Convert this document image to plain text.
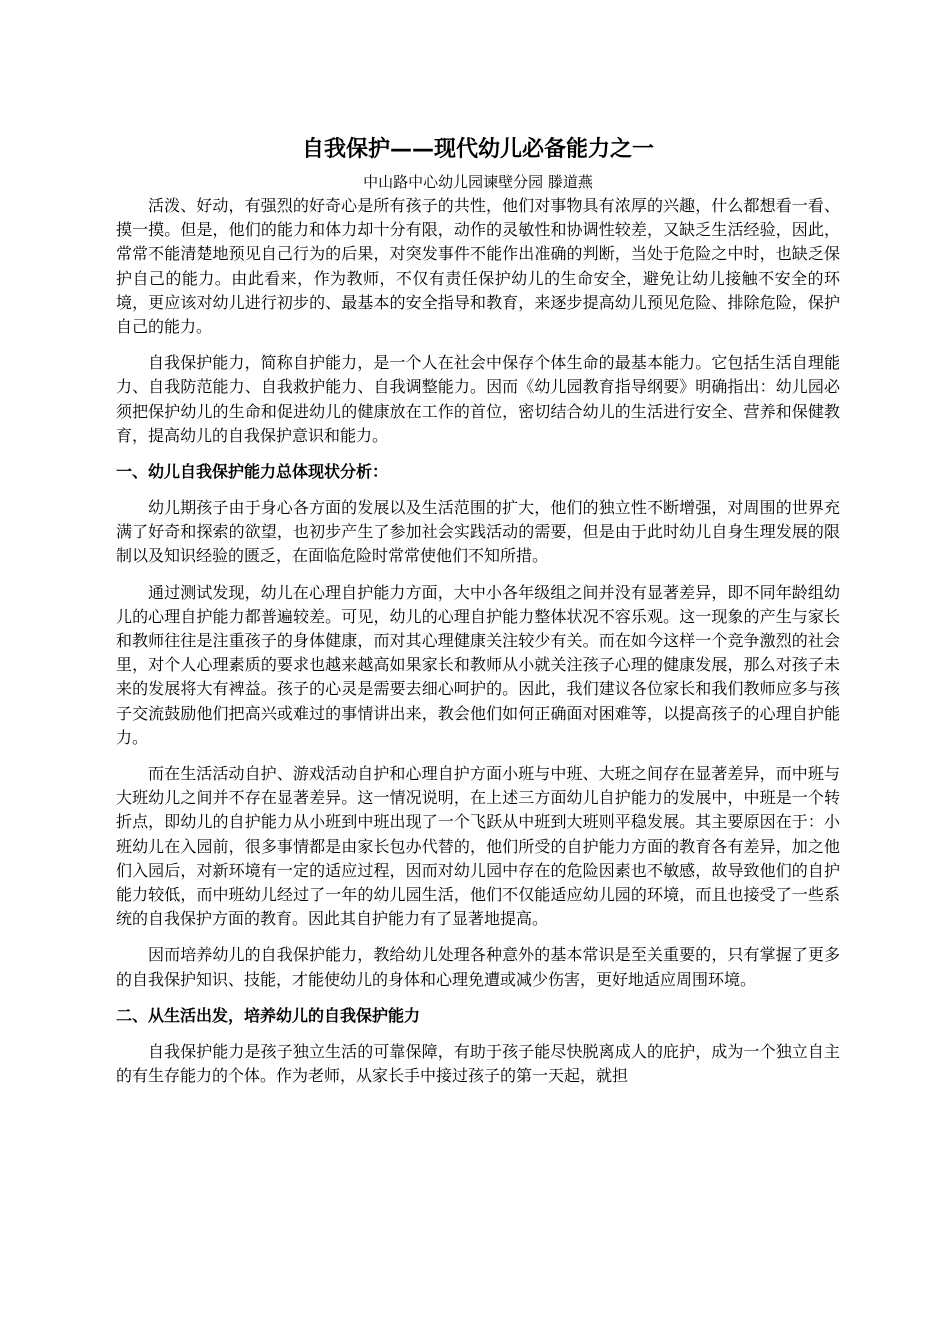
自我保护——现代幼儿必备能力之一

中山路中心幼儿园谏壁分园 滕道燕

活泼、好动，有强烈的好奇心是所有孩子的共性，他们对事物具有浓厚的兴趣，什么都想看一看、摸一摸。但是，他们的能力和体力却十分有限，动作的灵敏性和协调性较差，又缺乏生活经验，因此，常常不能清楚地预见自己行为的后果，对突发事件不能作出准确的判断，当处于危险之中时，也缺乏保护自己的能力。由此看来，作为教师，不仅有责任保护幼儿的生命安全，避免让幼儿接触不安全的环境，更应该对幼儿进行初步的、最基本的安全指导和教育，来逐步提高幼儿预见危险、排除危险，保护自己的能力。

自我保护能力，简称自护能力，是一个人在社会中保存个体生命的最基本能力。它包括生活自理能力、自我防范能力、自我救护能力、自我调整能力。因而《幼儿园教育指导纲要》明确指出：幼儿园必须把保护幼儿的生命和促进幼儿的健康放在工作的首位，密切结合幼儿的生活进行安全、营养和保健教育，提高幼儿的自我保护意识和能力。

一、幼儿自我保护能力总体现状分析：

幼儿期孩子由于身心各方面的发展以及生活范围的扩大，他们的独立性不断增强，对周围的世界充满了好奇和探索的欲望，也初步产生了参加社会实践活动的需要，但是由于此时幼儿自身生理发展的限制以及知识经验的匮乏，在面临危险时常常使他们不知所措。

通过测试发现，幼儿在心理自护能力方面，大中小各年级组之间并没有显著差异，即不同年龄组幼儿的心理自护能力都普遍较差。可见，幼儿的心理自护能力整体状况不容乐观。这一现象的产生与家长和教师往往是注重孩子的身体健康，而对其心理健康关注较少有关。而在如今这样一个竞争激烈的社会里，对个人心理素质的要求也越来越高如果家长和教师从小就关注孩子心理的健康发展，那么对孩子未来的发展将大有裨益。孩子的心灵是需要去细心呵护的。因此，我们建议各位家长和我们教师应多与孩子交流鼓励他们把高兴或难过的事情讲出来，教会他们如何正确面对困难等，以提高孩子的心理自护能力。

而在生活活动自护、游戏活动自护和心理自护方面小班与中班、大班之间存在显著差异，而中班与大班幼儿之间并不存在显著差异。这一情况说明，在上述三方面幼儿自护能力的发展中，中班是一个转折点，即幼儿的自护能力从小班到中班出现了一个飞跃从中班到大班则平稳发展。其主要原因在于：小班幼儿在入园前，很多事情都是由家长包办代替的，他们所受的自护能力方面的教育各有差异，加之他们入园后，对新环境有一定的适应过程，因而对幼儿园中存在的危险因素也不敏感，故导致他们的自护能力较低，而中班幼儿经过了一年的幼儿园生活，他们不仅能适应幼儿园的环境，而且也接受了一些系统的自我保护方面的教育。因此其自护能力有了显著地提高。

因而培养幼儿的自我保护能力，教给幼儿处理各种意外的基本常识是至关重要的，只有掌握了更多的自我保护知识、技能，才能使幼儿的身体和心理免遭或减少伤害，更好地适应周围环境。

二、从生活出发，培养幼儿的自我保护能力

自我保护能力是孩子独立生活的可靠保障，有助于孩子能尽快脱离成人的庇护，成为一个独立自主的有生存能力的个体。作为老师，从家长手中接过孩子的第一天起，就担
